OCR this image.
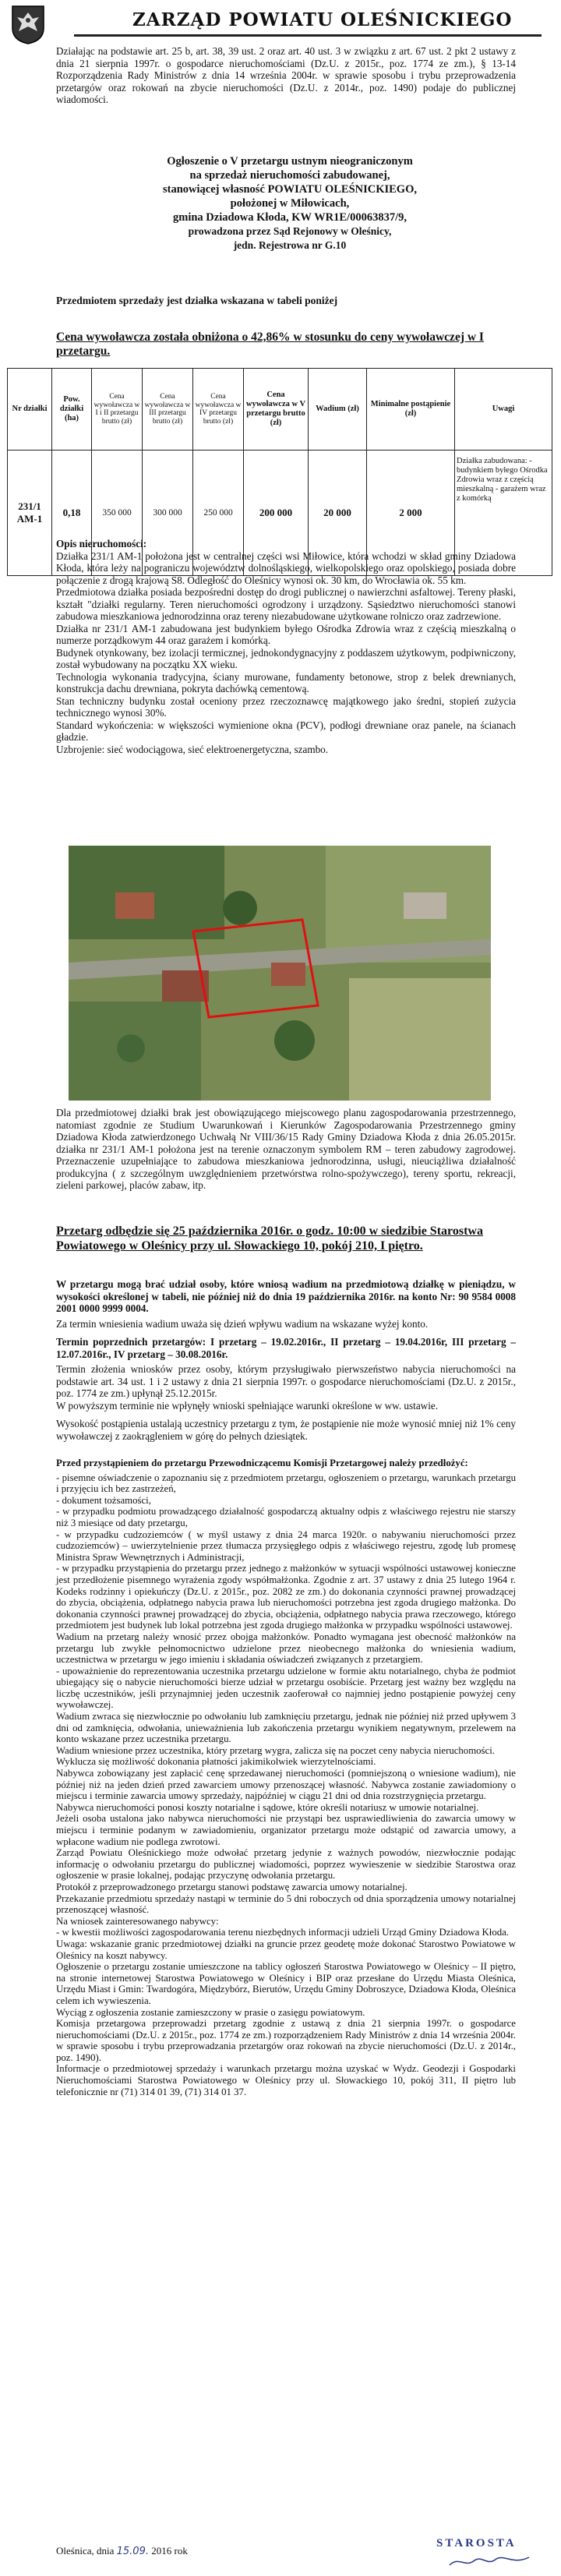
ZARZĄD POWIATU OLEŚNICKIEGO
Działając na podstawie art. 25 b, art. 38, 39 ust. 2 oraz art. 40 ust. 3 w związku z art. 67 ust. 2 pkt 2 ustawy z dnia 21 sierpnia 1997r. o gospodarce nieruchomościami (Dz.U. z 2015r., poz. 1774 ze zm.), § 13-14 Rozporządzenia Rady Ministrów z dnia 14 września 2004r. w sprawie sposobu i trybu przeprowadzenia przetargów oraz rokowań na zbycie nieruchomości (Dz.U. z 2014r., poz. 1490) podaje do publicznej wiadomości.
Ogłoszenie o V przetargu ustnym nieograniczonym
na sprzedaż nieruchomości zabudowanej,
stanowiącej własność POWIATU OLEŚNICKIEGO,
położonej w Miłowicach,
gmina Dziadowa Kłoda, KW WR1E/00063837/9,
prowadzona przez Sąd Rejonowy w Oleśnicy,
jedn. Rejestrowa nr G.10
Przedmiotem sprzedaży jest działka wskazana w tabeli poniżej
Cena wywoławcza została obniżona o 42,86% w stosunku do ceny wywoławczej w I przetargu.
Nr działki	Pow. działki (ha)	Cena wywoławcza w I i II przetargu brutto (zł)	Cena wywoławcza w III przetargu brutto (zł)	Cena wywoławcza w IV przetargu brutto (zł)	Cena wywoławcza w V przetargu brutto (zł)	Wadium (zł)	Minimalne postąpienie (zł)	Uwagi
231/1 AM-1	0,18	350 000	300 000	250 000	200 000	20 000	2 000	Działka zabudowana: - budynkiem byłego Ośrodka Zdrowia wraz z częścią mieszkalną - garażem wraz z komórką

Opis nieruchomości:

Działka 231/1 AM-1 położona jest w centralnej części wsi Miłowice, która wchodzi w skład gminy Dziadowa Kłoda, która leży na pograniczu województw dolnośląskiego, wielkopolskiego oraz opolskiego, posiada dobre połączenie z drogą krajową S8. Odległość do Oleśnicy wynosi ok. 30 km, do Wrocławia ok. 55 km.

Przedmiotowa działka posiada bezpośredni dostęp do drogi publicznej o nawierzchni asfaltowej. Tereny płaski, kształt "działki regularny. Teren nieruchomości ogrodzony i urządzony. Sąsiedztwo nieruchomości stanowi zabudowa mieszkaniowa jednorodzinna oraz tereny niezabudowane użytkowane rolniczo oraz zadrzewione.

Działka nr 231/1 AM-1 zabudowana jest budynkiem byłego Ośrodka Zdrowia wraz z częścią mieszkalną o numerze porządkowym 44 oraz garażem i komórką.

Budynek otynkowany, bez izolacji termicznej, jednokondygnacyjny z poddaszem użytkowym, podpiwniczony, został wybudowany na początku XX wieku.

Technologia wykonania tradycyjna, ściany murowane, fundamenty betonowe, strop z belek drewnianych, konstrukcja dachu drewniana, pokryta dachówką cementową.

Stan techniczny budynku został oceniony przez rzeczoznawcę majątkowego jako średni, stopień zużycia technicznego wynosi 30%.

Standard wykończenia: w większości wymienione okna (PCV), podłogi drewniane oraz panele, na ścianach gładzie.

Uzbrojenie: sieć wodociągowa, sieć elektroenergetyczna, szambo.

Dla przedmiotowej działki brak jest obowiązującego miejscowego planu zagospodarowania przestrzennego, natomiast zgodnie ze Studium Uwarunkowań i Kierunków Zagospodarowania Przestrzennego gminy Dziadowa Kłoda zatwierdzonego Uchwałą Nr VIII/36/15 Rady Gminy Dziadowa Kłoda z dnia 26.05.2015r. działka nr 231/1 AM-1 położona jest na terenie oznaczonym symbolem RM – teren zabudowy zagrodowej. Przeznaczenie uzupełniające to zabudowa mieszkaniowa jednorodzinna, usługi, nieuciążliwa działalność produkcyjna ( z szczególnym uwzględnieniem przetwórstwa rolno-spożywczego), tereny sportu, rekreacji, zieleni parkowej, placów zabaw, itp.
Przetarg odbędzie się 25 października 2016r. o godz. 10:00 w siedzibie Starostwa Powiatowego w Oleśnicy przy ul. Słowackiego 10, pokój 210, I piętro.

W przetargu mogą brać udział osoby, które wniosą wadium na przedmiotową działkę w pieniądzu, w wysokości określonej w tabeli, nie później niż do dnia 19 października 2016r. na konto Nr: 90 9584 0008 2001 0000 9999 0004.

Za termin wniesienia wadium uważa się dzień wpływu wadium na wskazane wyżej konto.

Termin poprzednich przetargów: I przetarg – 19.02.2016r., II przetarg – 19.04.2016r, III przetarg – 12.07.2016r., IV przetarg – 30.08.2016r.

Termin złożenia wniosków przez osoby, którym przysługiwało pierwszeństwo nabycia nieruchomości na podstawie art. 34 ust. 1 i 2 ustawy z dnia 21 sierpnia 1997r. o gospodarce nieruchomościami (Dz.U. z 2015r., poz. 1774 ze zm.) upłynął 25.12.2015r.

W powyższym terminie nie wpłynęły wnioski spełniające warunki określone w ww. ustawie.

Wysokość postąpienia ustalają uczestnicy przetargu z tym, że postąpienie nie może wynosić mniej niż 1% ceny wywoławczej z zaokrągleniem w górę do pełnych dziesiątek.

Przed przystąpieniem do przetargu Przewodniczącemu Komisji Przetargowej należy przedłożyć:

- pisemne oświadczenie o zapoznaniu się z przedmiotem przetargu, ogłoszeniem o przetargu, warunkach przetargu i przyjęciu ich bez zastrzeżeń,

- dokument tożsamości,

- w przypadku podmiotu prowadzącego działalność gospodarczą aktualny odpis z właściwego rejestru nie starszy niż 3 miesiące od daty przetargu,

- w przypadku cudzoziemców ( w myśl ustawy z dnia 24 marca 1920r. o nabywaniu nieruchomości przez cudzoziemców) – uwierzytelnienie przez tłumacza przysięgłego odpis z właściwego rejestru, zgodę lub promesę Ministra Spraw Wewnętrznych i Administracji,

- w przypadku przystąpienia do przetargu przez jednego z małżonków w sytuacji wspólności ustawowej konieczne jest przedłożenie pisemnego wyrażenia zgody współmałżonka. Zgodnie z art. 37 ustawy z dnia 25 lutego 1964 r. Kodeks rodzinny i opiekuńczy (Dz.U. z 2015r., poz. 2082 ze zm.) do dokonania czynności prawnej prowadzącej do zbycia, obciążenia, odpłatnego nabycia prawa lub nieruchomości potrzebna jest zgoda drugiego małżonka. Do dokonania czynności prawnej prowadzącej do zbycia, obciążenia, odpłatnego nabycia prawa rzeczowego, którego przedmiotem jest budynek lub lokal potrzebna jest zgoda drugiego małżonka w przypadku wspólności ustawowej.

Wadium na przetarg należy wnosić przez obojga małżonków. Ponadto wymagana jest obecność małżonków na przetargu lub zwykłe pełnomocnictwo udzielone przez nieobecnego małżonka do wniesienia wadium, uczestnictwa w przetargu w jego imieniu i składania oświadczeń związanych z przetargiem.

- upoważnienie do reprezentowania uczestnika przetargu udzielone w formie aktu notarialnego, chyba że podmiot ubiegający się o nabycie nieruchomości bierze udział w przetargu osobiście. Przetarg jest ważny bez względu na liczbę uczestników, jeśli przynajmniej jeden uczestnik zaoferował co najmniej jedno postąpienie powyżej ceny wywoławczej.

Wadium zwraca się niezwłocznie po odwołaniu lub zamknięciu przetargu, jednak nie później niż przed upływem 3 dni od zamknięcia, odwołania, unieważnienia lub zakończenia przetargu wynikiem negatywnym, przelewem na konto wskazane przez uczestnika przetargu.

Wadium wniesione przez uczestnika, który przetarg wygra, zalicza się na poczet ceny nabycia nieruchomości.

Wyklucza się możliwość dokonania płatności jakimikolwiek wierzytelnościami.

Nabywca zobowiązany jest zapłacić cenę sprzedawanej nieruchomości (pomniejszoną o wniesione wadium), nie później niż na jeden dzień przed zawarciem umowy przenoszącej własność. Nabywca zostanie zawiadomiony o miejscu i terminie zawarcia umowy sprzedaży, najpóźniej w ciągu 21 dni od dnia rozstrzygnięcia przetargu.

Nabywca nieruchomości ponosi koszty notarialne i sądowe, które określi notariusz w umowie notarialnej.

Jeżeli osoba ustalona jako nabywca nieruchomości nie przystąpi bez usprawiedliwienia do zawarcia umowy w miejscu i terminie podanym w zawiadomieniu, organizator przetargu może odstąpić od zawarcia umowy, a wpłacone wadium nie podlega zwrotowi.

Zarząd Powiatu Oleśnickiego może odwołać przetarg jedynie z ważnych powodów, niezwłocznie podając informację o odwołaniu przetargu do publicznej wiadomości, poprzez wywieszenie w siedzibie Starostwa oraz ogłoszenie w prasie lokalnej, podając przyczynę odwołania przetargu.

Protokół z przeprowadzonego przetargu stanowi podstawę zawarcia umowy notarialnej.

Przekazanie przedmiotu sprzedaży nastąpi w terminie do 5 dni roboczych od dnia sporządzenia umowy notarialnej przenoszącej własność.

Na wniosek zainteresowanego nabywcy:

- w kwestii możliwości zagospodarowania terenu niezbędnych informacji udzieli Urząd Gminy Dziadowa Kłoda.

Uwaga: wskazanie granic przedmiotowej działki na gruncie przez geodetę może dokonać Starostwo Powiatowe w Oleśnicy na koszt nabywcy.

Ogłoszenie o przetargu zostanie umieszczone na tablicy ogłoszeń Starostwa Powiatowego w Oleśnicy – II piętro, na stronie internetowej Starostwa Powiatowego w Oleśnicy i BIP oraz przesłane do Urzędu Miasta Oleśnica, Urzędu Miast i Gmin: Twardogóra, Międzybórz, Bierutów, Urzędu Gminy Dobroszyce, Dziadowa Kłoda, Oleśnica celem ich wywieszenia.

Wyciąg z ogłoszenia zostanie zamieszczony w prasie o zasięgu powiatowym.

Komisja przetargowa przeprowadzi przetarg zgodnie z ustawą z dnia 21 sierpnia 1997r. o gospodarce nieruchomościami (Dz.U. z 2015r., poz. 1774 ze zm.) rozporządzeniem Rady Ministrów z dnia 14 września 2004r. w sprawie sposobu i trybu przeprowadzania przetargów oraz rokowań na zbycie nieruchomości (Dz.U. z 2014r., poz. 1490).

Informacje o przedmiotowej sprzedaży i warunkach przetargu można uzyskać w Wydz. Geodezji i Gospodarki Nieruchomościami Starostwa Powiatowego w Oleśnicy przy ul. Słowackiego 10, pokój 311, II piętro lub telefonicznie nr (71) 314 01 39, (71) 314 01 37.

Oleśnica, dnia 15.09. 2016 rok
STAROSTA
